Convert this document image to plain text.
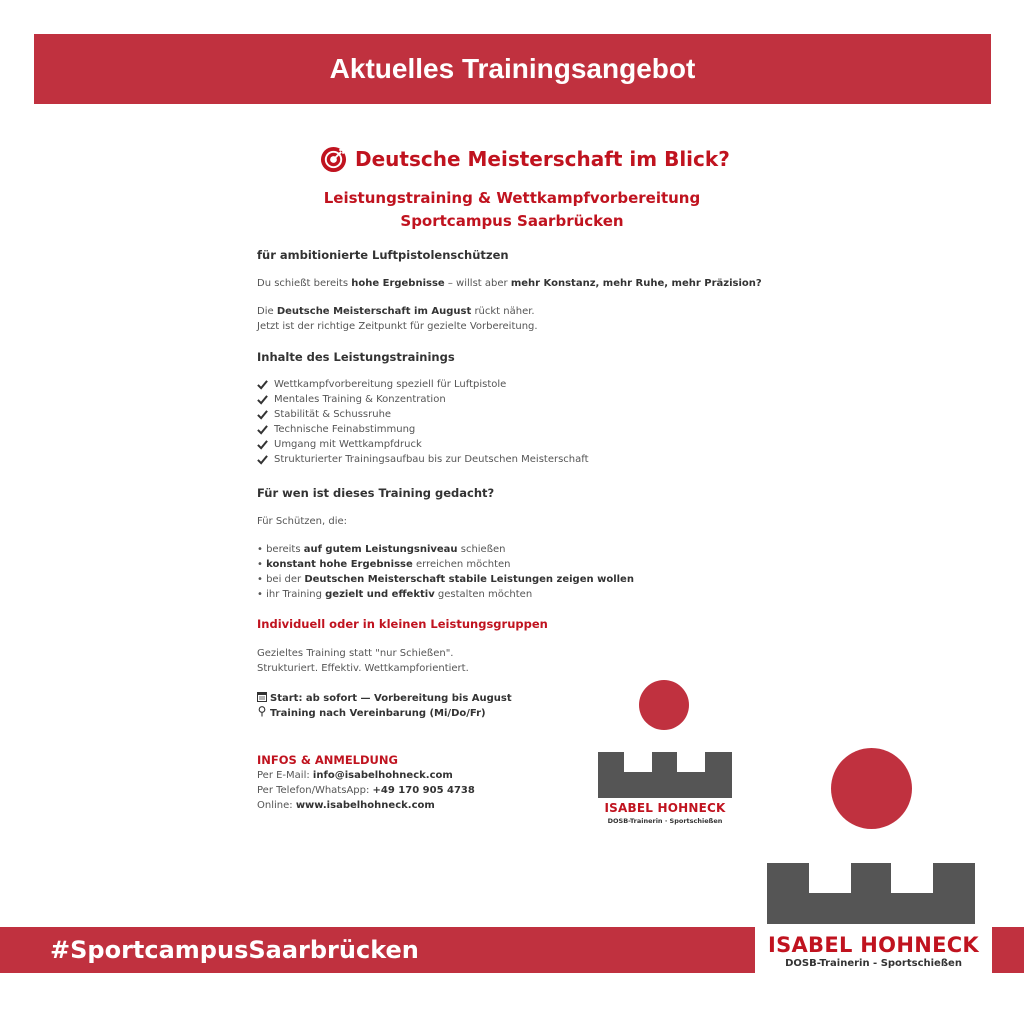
Aktuelles Trainingsangebot
Deutsche Meisterschaft im Blick?
Leistungstraining & Wettkampfvorbereitung
Sportcampus Saarbrücken
für ambitionierte Luftpistolenschützen
Du schießt bereits hohe Ergebnisse – willst aber mehr Konstanz, mehr Ruhe, mehr Präzision?
Die Deutsche Meisterschaft im August rückt näher.
Jetzt ist der richtige Zeitpunkt für gezielte Vorbereitung.
Inhalte des Leistungstrainings
Wettkampfvorbereitung speziell für Luftpistole
Mentales Training & Konzentration
Stabilität & Schussruhe
Technische Feinabstimmung
Umgang mit Wettkampfdruck
Strukturierter Trainingsaufbau bis zur Deutschen Meisterschaft
Für wen ist dieses Training gedacht?
Für Schützen, die:
• bereits auf gutem Leistungsniveau schießen
• konstant hohe Ergebnisse erreichen möchten
• bei der Deutschen Meisterschaft stabile Leistungen zeigen wollen
• ihr Training gezielt und effektiv gestalten möchten
Individuell oder in kleinen Leistungsgruppen
Gezieltes Training statt "nur Schießen".
Strukturiert. Effektiv. Wettkampforientiert.
Start: ab sofort — Vorbereitung bis August
Training nach Vereinbarung (Mi/Do/Fr)
INFOS & ANMELDUNG
Per E-Mail: info@isabelhohneck.com
Per Telefon/WhatsApp: +49 170 905 4738
Online: www.isabelhohneck.com	ISABEL HOHNECK
DOSB-Trainerin · Sportschießen
#SportcampusSaarbrücken	ISABEL HOHNECK
DOSB-Trainerin - Sportschießen
